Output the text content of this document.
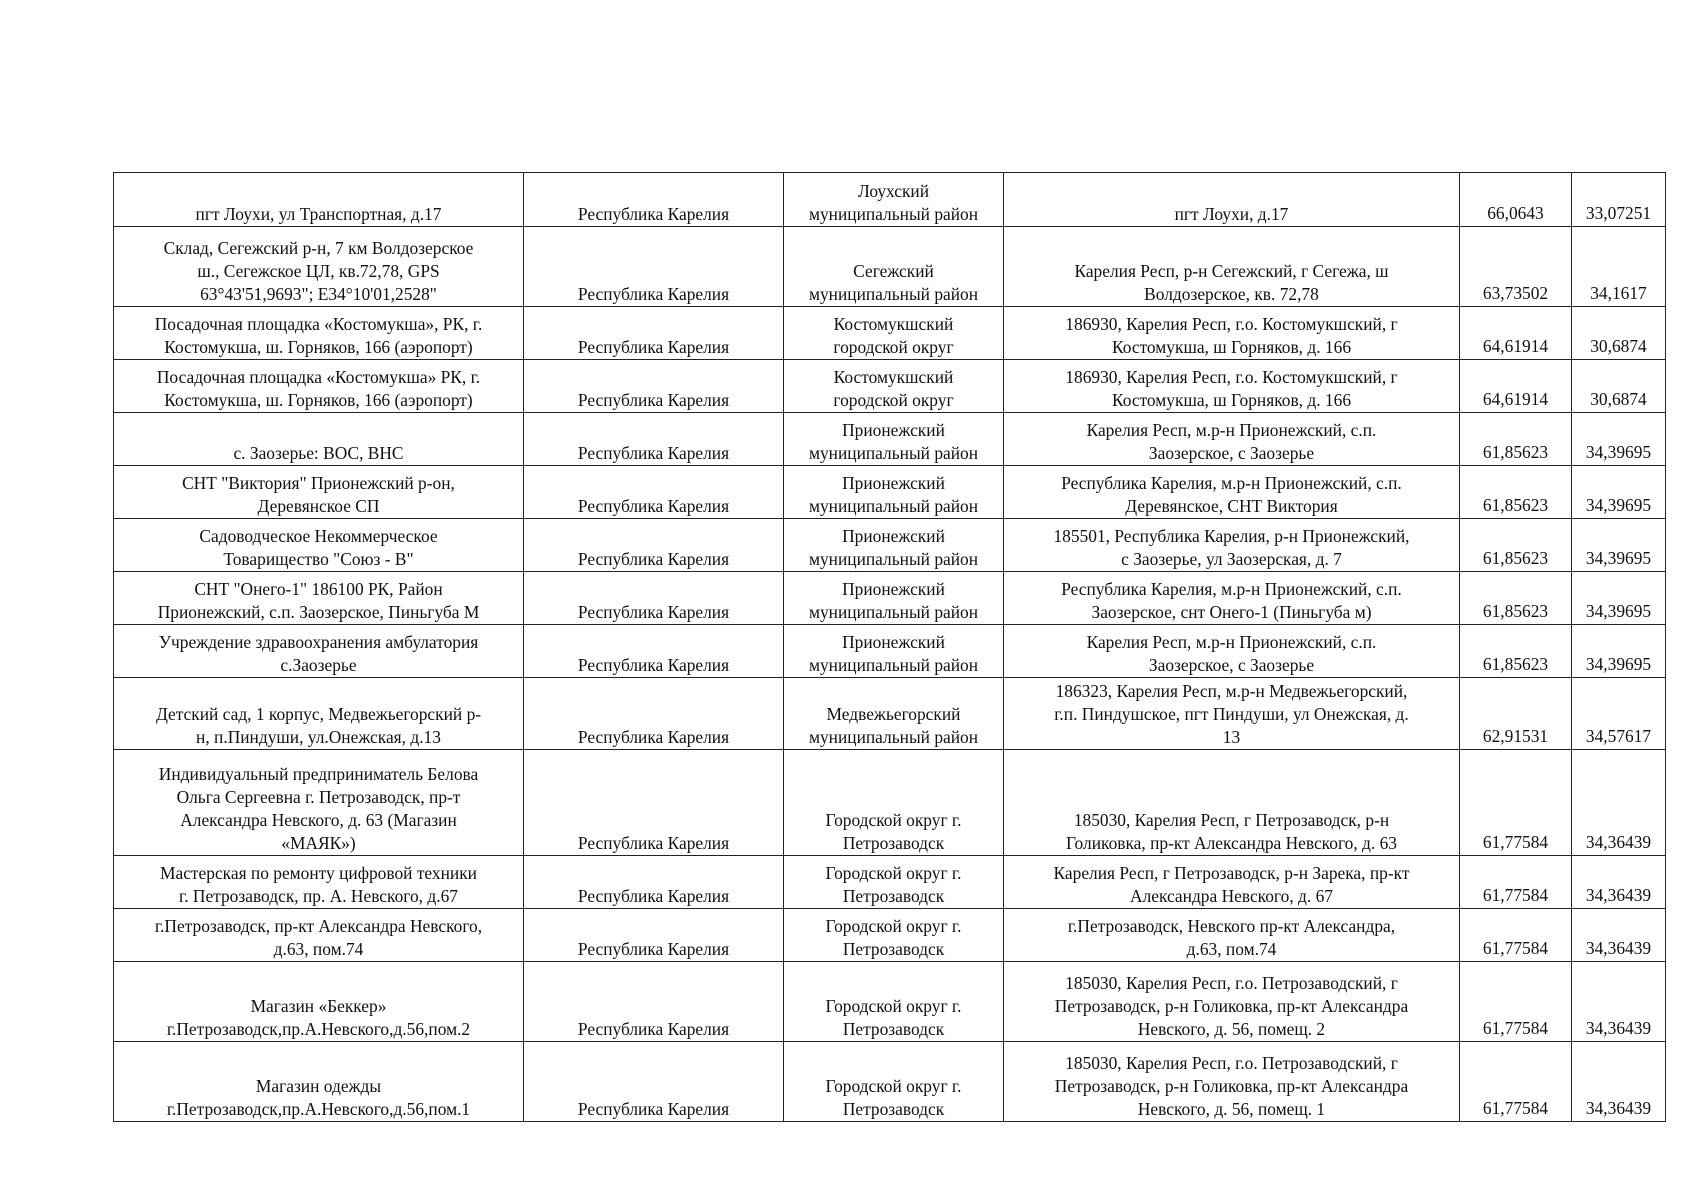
пгт Лоухи, ул Транспортная, д.17	Республика Карелия	Лоухский
муниципальный район	пгт Лоухи, д.17	66,0643	33,07251
Склад, Сегежский р-н, 7 км Волдозерское
ш., Сегежское ЦЛ, кв.72,78, GPS
63°43'51,9693"; E34°10'01,2528"	Республика Карелия	Сегежский
муниципальный район	Карелия Респ, р-н Сегежский, г Сегежа, ш
Волдозерское, кв. 72,78	63,73502	34,1617
Посадочная площадка «Костомукша», РК, г.
Костомукша, ш. Горняков, 166 (аэропорт)	Республика Карелия	Костомукшский
городской округ	186930, Карелия Респ, г.о. Костомукшский, г
Костомукша, ш Горняков, д. 166	64,61914	30,6874
Посадочная площадка «Костомукша» РК, г.
Костомукша, ш. Горняков, 166 (аэропорт)	Республика Карелия	Костомукшский
городской округ	186930, Карелия Респ, г.о. Костомукшский, г
Костомукша, ш Горняков, д. 166	64,61914	30,6874
с. Заозерье: ВОС, ВНС	Республика Карелия	Прионежский
муниципальный район	Карелия Респ, м.р-н Прионежский, с.п.
Заозерское, с Заозерье	61,85623	34,39695
СНТ "Виктория" Прионежский р-он,
Деревянское СП	Республика Карелия	Прионежский
муниципальный район	Республика Карелия, м.р-н Прионежский, с.п.
Деревянское, СНТ Виктория	61,85623	34,39695
Садоводческое Некоммерческое
Товарищество "Союз - В"	Республика Карелия	Прионежский
муниципальный район	185501, Республика Карелия, р-н Прионежский,
с Заозерье, ул Заозерская, д. 7	61,85623	34,39695
СНТ "Онего-1" 186100 РК, Район
Прионежский, с.п. Заозерское, Пиньгуба М	Республика Карелия	Прионежский
муниципальный район	Республика Карелия, м.р-н Прионежский, с.п.
Заозерское, снт Онего-1 (Пиньгуба м)	61,85623	34,39695
Учреждение здравоохранения амбулатория
с.Заозерье	Республика Карелия	Прионежский
муниципальный район	Карелия Респ, м.р-н Прионежский, с.п.
Заозерское, с Заозерье	61,85623	34,39695
Детский сад, 1 корпус, Медвежьегорский р-
н, п.Пиндуши, ул.Онежская, д.13	Республика Карелия	Медвежьегорский
муниципальный район	186323, Карелия Респ, м.р-н Медвежьегорский,
г.п. Пиндушское, пгт Пиндуши, ул Онежская, д.
13	62,91531	34,57617
Индивидуальный предприниматель Белова
Ольга Сергеевна г. Петрозаводск, пр-т
Александра Невского, д. 63 (Магазин
«МАЯК»)	Республика Карелия	Городской округ г.
Петрозаводск	185030, Карелия Респ, г Петрозаводск, р-н
Голиковка, пр-кт Александра Невского, д. 63	61,77584	34,36439
Мастерская по ремонту цифровой техники
г. Петрозаводск, пр. А. Невского, д.67	Республика Карелия	Городской округ г.
Петрозаводск	Карелия Респ, г Петрозаводск, р-н Зарека, пр-кт
Александра Невского, д. 67	61,77584	34,36439
г.Петрозаводск, пр-кт Александра Невского,
д.63, пом.74	Республика Карелия	Городской округ г.
Петрозаводск	г.Петрозаводск, Невского пр-кт Александра,
д.63, пом.74	61,77584	34,36439
Магазин «Беккер»
г.Петрозаводск,пр.А.Невского,д.56,пом.2	Республика Карелия	Городской округ г.
Петрозаводск	185030, Карелия Респ, г.о. Петрозаводский, г
Петрозаводск, р-н Голиковка, пр-кт Александра
Невского, д. 56, помещ. 2	61,77584	34,36439
Магазин одежды
г.Петрозаводск,пр.А.Невского,д.56,пом.1	Республика Карелия	Городской округ г.
Петрозаводск	185030, Карелия Респ, г.о. Петрозаводский, г
Петрозаводск, р-н Голиковка, пр-кт Александра
Невского, д. 56, помещ. 1	61,77584	34,36439
